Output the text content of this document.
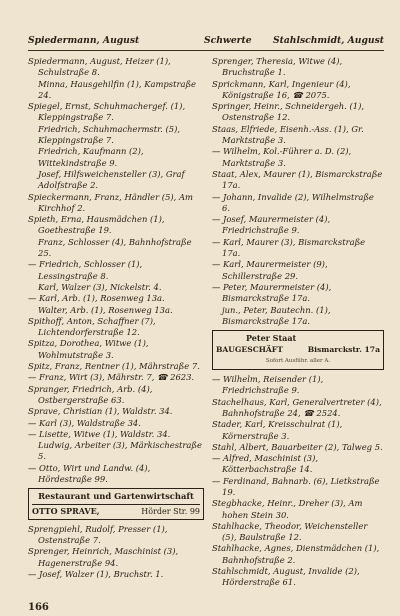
Spiedermann, August	Schwerte Stahlschmidt, August

Spiedermann, August, Heizer (1), Schulstraße 8.

Minna, Hausgehilfin (1), Kampstraße 24.

Spiegel, Ernst, Schuhmachergef. (1), Kleppingstraße 7.

Friedrich, Schuhmachermstr. (5), Kleppingstraße 7.

Friedrich, Kaufmann (2), Wittekindstraße 9.

Josef, Hilfsweichensteller (3), Graf Adolfstraße 2.

Spieckermann, Franz, Händler (5), Am Kirchhof 2.

Spieth, Erna, Hausmädchen (1), Goethestraße 19.

Franz, Schlosser (4), Bahnhofstraße 25.

— Friedrich, Schlosser (1), Lessingstraße 8.

Karl, Walzer (3), Nickelstr. 4.

— Karl, Arb. (1), Rosenweg 13a.

Walter, Arb. (1), Rosenweg 13a.

Spithoff, Anton, Schaffner (7), Lichtendorferstraße 12.

Spitza, Dorothea, Witwe (1), Wohlmutstraße 3.

Spitz, Franz, Rentner (1), Mährstraße 7.

— Franz, Wirt (3), Mährstr. 7, ☎ 2623.

Spranger, Friedrich, Arb. (4), Ostbergerstraße 63.

Sprave, Christian (1), Waldstr. 34.

— Karl (3), Waldstraße 34.

— Lisette, Witwe (1), Waldstr. 34.

Ludwig, Arbeiter (3), Märkischestraße 5.

— Otto, Wirt und Landw. (4), Hördestraße 99.

Restaurant und Gartenwirtschaft
OTTO SPRAVE,	Hörder Str. 99

Sprengpiehl, Rudolf, Presser (1), Ostenstraße 7.

Sprenger, Heinrich, Maschinist (3), Hagenerstraße 94.

— Josef, Walzer (1), Bruchstr. 1.

Sprenger, Theresia, Witwe (4), Bruchstraße 1.

Sprickmann, Karl, Ingenieur (4), Königstraße 16, ☎ 2075.

Springer, Heinr., Schneidergeh. (1), Ostenstraße 12.

Staas, Elfriede, Eisenh.-Ass. (1), Gr. Marktstraße 3.

— Wilhelm, Kol.-Führer a. D. (2), Marktstraße 3.

Staat, Alex, Maurer (1), Bismarckstraße 17a.

— Johann, Invalide (2), Wilhelmstraße 6.

— Josef, Maurermeister (4), Friedrichstraße 9.

— Karl, Maurer (3), Bismarckstraße 17a.

— Karl, Maurermeister (9), Schillerstraße 29.

— Peter, Maurermeister (4), Bismarckstraße 17a.

jun., Peter, Bautechn. (1), Bismarckstraße 17a.

Peter Staat
BAUGESCHÄFT	Bismarckstr. 17a
Sofort Ausführ. aller A.

— Wilhelm, Reisender (1), Friedrichstraße 9.

Stachelhaus, Karl, Generalvertreter (4), Bahnhofstraße 24, ☎ 2524.

Stader, Karl, Kreisschulrat (1), Körnerstraße 3.

Stahl, Albert, Bauarbeiter (2), Talweg 5.

— Alfred, Maschinist (3), Kötterbachstraße 14.

— Ferdinand, Bahnarb. (6), Lietkstraße 19.

Stegbhacke, Heinr., Dreher (3), Am hohen Stein 30.

Stahlhacke, Theodor, Weichensteller (5), Baulstraße 12.

Stahlhacke, Agnes, Dienstmädchen (1), Bahnhofstraße 2.

Stahlschmidt, August, Invalide (2), Hörderstraße 61.

166
